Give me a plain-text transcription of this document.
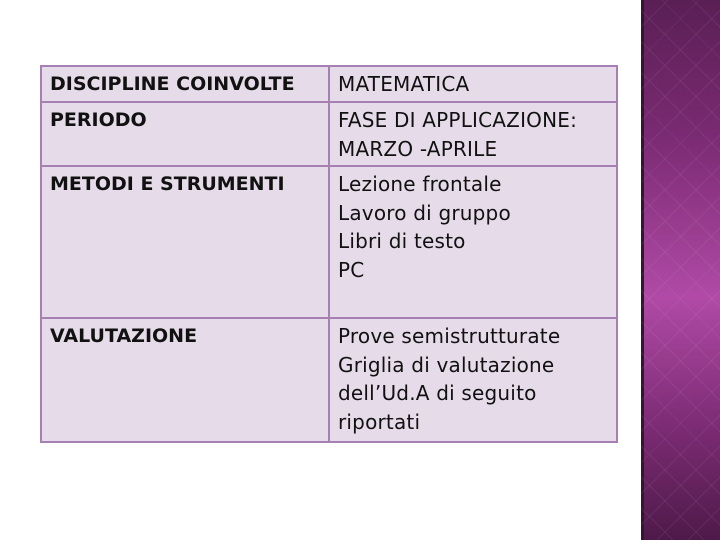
DISCIPLINE COINVOLTE	MATEMATICA
PERIODO	FASE DI APPLICAZIONE:
MARZO -APRILE
METODI E STRUMENTI	Lezione frontale
Lavoro di gruppo
Libri di testo
PC
VALUTAZIONE	Prove semistrutturate
Griglia di valutazione
dell’Ud.A di seguito
riportati
